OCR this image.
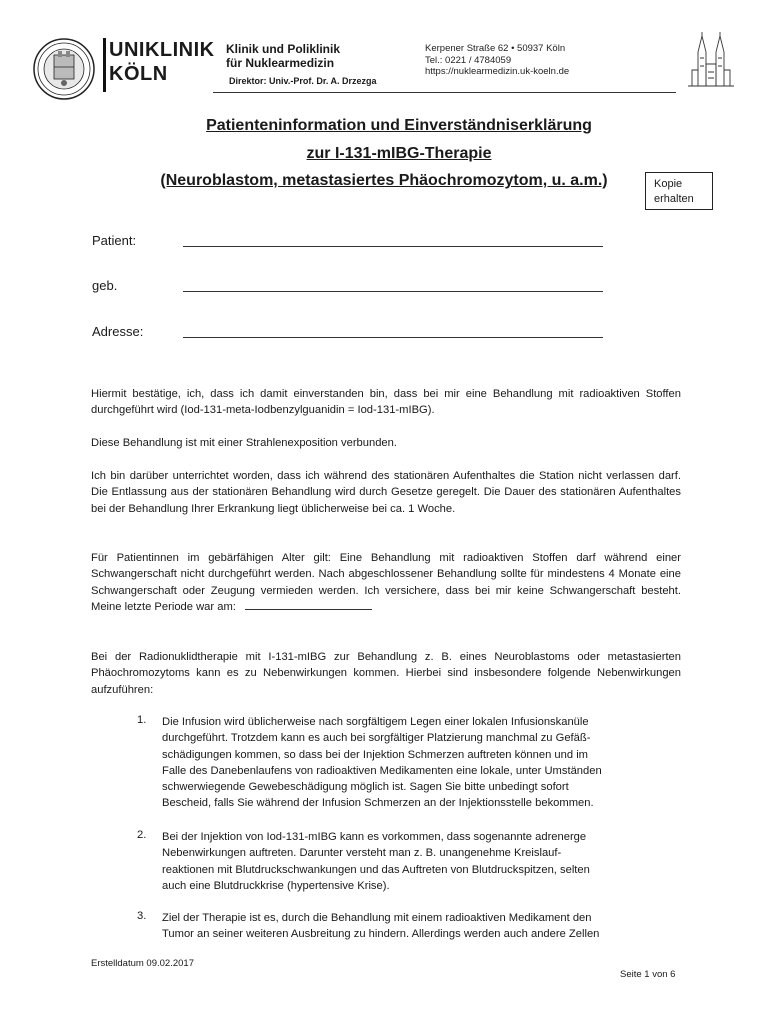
UNIKLINIK
KÖLN
Klinik und Poliklinik
für Nuklearmedizin
Direktor: Univ.-Prof. Dr. A. Drzezga
Kerpener Straße 62 • 50937 Köln
Tel.: 0221 / 4784059
https://nuklearmedizin.uk-koeln.de
Patienteninformation und Einverständniserklärung
zur I-131-mIBG-Therapie
(Neuroblastom, metastasiertes Phäochromozytom, u. a.m.)	Kopie
erhalten
Patient:
geb.
Adresse:
Hiermit bestätige, ich, dass ich damit einverstanden bin, dass bei mir eine Behandlung mit radioaktiven Stoffen durchgeführt wird (Iod-131-meta-Iodbenzylguanidin = Iod-131-mIBG).
Diese Behandlung ist mit einer Strahlenexposition verbunden.
Ich bin darüber unterrichtet worden, dass ich während des stationären Aufenthaltes die Station nicht verlassen darf. Die Entlassung aus der stationären Behandlung wird durch Gesetze geregelt. Die Dauer des stationären Aufenthaltes bei der Behandlung Ihrer Erkrankung liegt üblicherweise bei ca. 1 Woche.
Für Patientinnen im gebärfähigen Alter gilt: Eine Behandlung mit radioaktiven Stoffen darf während einer Schwangerschaft nicht durchgeführt werden. Nach abgeschlossener Behandlung sollte für mindestens 4 Monate eine Schwangerschaft oder Zeugung vermieden werden. Ich versichere, dass bei mir keine Schwangerschaft besteht. Meine letzte Periode war am:
Bei der Radionuklidtherapie mit I-131-mIBG zur Behandlung z. B. eines Neuroblastoms oder metastasierten Phäochromozytoms kann es zu Nebenwirkungen kommen. Hierbei sind insbesondere folgende Nebenwirkungen aufzuführen:
1. Die Infusion wird üblicherweise nach sorgfältigem Legen einer lokalen Infusionskanüle
durchgeführt. Trotzdem kann es auch bei sorgfältiger Platzierung manchmal zu Gefäß-
schädigungen kommen, so dass bei der Injektion Schmerzen auftreten können und im
Falle des Danebenlaufens von radioaktiven Medikamenten eine lokale, unter Umständen
schwerwiegende Gewebeschädigung möglich ist. Sagen Sie bitte unbedingt sofort
Bescheid, falls Sie während der Infusion Schmerzen an der Injektionsstelle bekommen.
2. Bei der Injektion von Iod-131-mIBG kann es vorkommen, dass sogenannte adrenerge
Nebenwirkungen auftreten. Darunter versteht man z. B. unangenehme Kreislauf-
reaktionen mit Blutdruckschwankungen und das Auftreten von Blutdruckspitzen, selten
auch eine Blutdruckkrise (hypertensive Krise).
3. Ziel der Therapie ist es, durch die Behandlung mit einem radioaktiven Medikament den
Tumor an seiner weiteren Ausbreitung zu hindern. Allerdings werden auch andere Zellen
Erstelldatum 09.02.2017
Seite 1 von 6
